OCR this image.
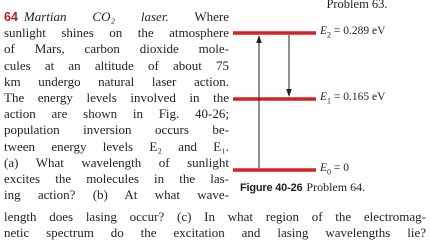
Problem 63.
64 Martian CO₂ laser. Where
sunlight shines on the atmosphere
of Mars, carbon dioxide mole-
cules at an altitude of about 75
km undergo natural laser action.
The energy levels involved in the
action are shown in Fig. 40-26;
population inversion occurs be-
tween energy levels E₂ and E₁.
(a) What wavelength of sunlight
excites the molecules in the las-
ing action? (b) At what wave-
length does lasing occur? (c) In what region of the electromag-
netic spectrum do the excitation and lasing wavelengths lie?
$E_2 = 0.289$ eV
$E_1 = 0.165$ eV
$E_0 = 0$
Figure 40-26 Problem 64.
